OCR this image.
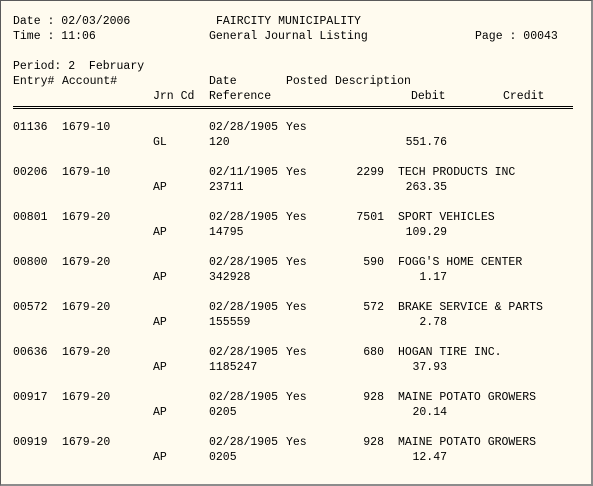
Date : 02/03/2006
Time : 11:06
FAIRCITY MUNICIPALITY
General Journal Listing	Page : 00043
Period: 2  February
Entry# Account#	Date	Posted Description
Jrn Cd Reference	Debit	Credit
01136 1679-10	02/28/1905 Yes
GL	120	551.76
00206 1679-10	02/11/1905 Yes	2299 TECH PRODUCTS INC
AP	23711	263.35
00801 1679-20	02/28/1905 Yes	7501 SPORT VEHICLES
AP	14795	109.29
00800 1679-20	02/28/1905 Yes	590 FOGG'S HOME CENTER
AP	342928	1.17
00572 1679-20	02/28/1905 Yes	572 BRAKE SERVICE & PARTS
AP	155559	2.78
00636 1679-20	02/28/1905 Yes	680 HOGAN TIRE INC.
AP	1185247	37.93
00917 1679-20	02/28/1905 Yes	928 MAINE POTATO GROWERS
AP	0205	20.14
00919 1679-20	02/28/1905 Yes	928 MAINE POTATO GROWERS
AP	0205	12.47
